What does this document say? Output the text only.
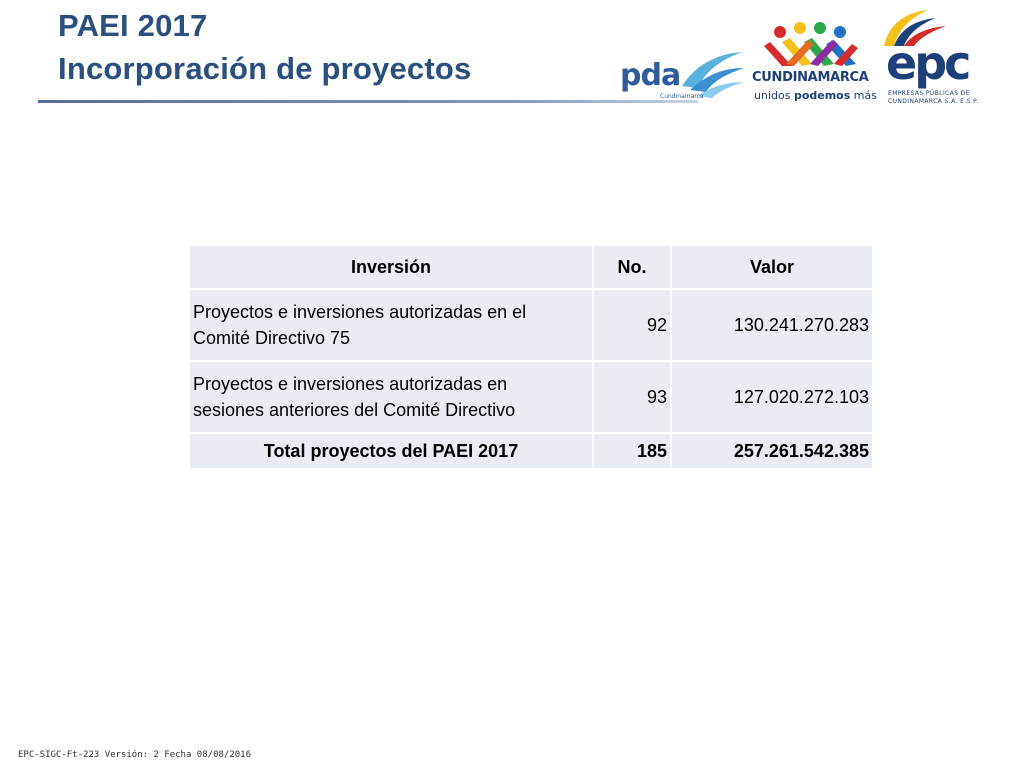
PAEI 2017
Incorporación de proyectos	pda
Cundinamarca
CUNDINAMARCA
unidos podemos más
epc
EMPRESAS PÚBLICAS DE
CUNDINAMARCA S.A. E.S.P.
Inversión	No.	Valor

Proyectos e inversiones autorizadas en el
Comité Directivo 75	92	130.241.270.283

Proyectos e inversiones autorizadas en
sesiones anteriores del Comité Directivo	93	127.020.272.103
Total proyectos del PAEI 2017	185	257.261.542.385
EPC-SIGC-Ft-223 Versión: 2 Fecha 08/08/2016
